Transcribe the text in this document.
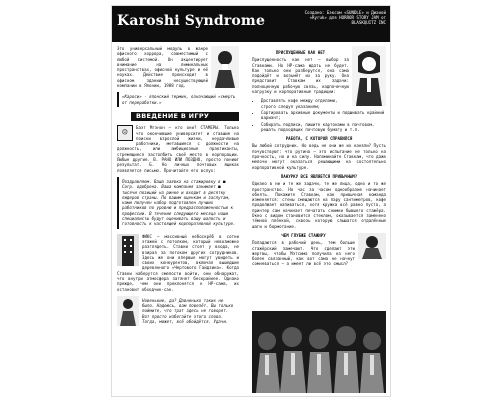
Karoshi Syndrome
Создано: Бэксом «SUNDLE» и Дианой «Ryruk» для HORROR STORY JAM от BLASKQUITZ INC

Это универсальный модуль в жанре офисного хоррора, совместимый с любой системой. Он акцентирует внимание на лиминальных пространствах, офисной культуре и её ноуках. Действие происходит в офисном здании несуществующей компании в Японии, 1988 год.

«Карoси» - японский термин, означающий «смерть от переработки.»
ВВЕДЕНИЕ В ИГРУ
☺

Баэт Mгэнон – кто они? СТАМЕРЫ. Только что окончившие университет и ставшие на поиски взрослой жизни, неудачливые работники, метавшиеся с должности на должность, или амбициозные практиканты, стремящиеся застолбить своё место в корпорации. Любые другие. В. РАНО ИЛИ ПОЗДНО, просто пониют результат. Б. Но личных почтовых ящиках появляется письмо. Прочитайте его вслух:

Поздравляем. Ваша заявка на стажировку в ■ Corp. одобрена. Ваша компания занимает ■ тысячи позиций на ринке и входит в десятку лидеров страны. По вашим оценкам и заслугам, нами получен набор подготовлен лучших работников по уровню и предрасположенностью к профессии. В течение следующего месяца наши специалисты будут оценивать вашу шалость и готовность к настоящей корпоративной культуре.

ФИКС – массивный небоскрёб в сотни этажей с потолком, который невозможно разглядеть. Ставки стоят у входа, не взирая за потоком других сотрудников. Здесь же они впервые могут увидеть и своих конкурентов, включая вышедшие деревянного «Чертового Гайдзина». Когда Ставки наберутся смелости войти, они обнаружат, что внутри атмосфера затянет бескрайнее. Однако прежде, чем они преклонятся к НР-сама, их остановит обходчик-сан.

Новенькие, да? Давненько таких не было. Надеюсь, вам повезёт. Вы только поймите, что трат здесь не говорят. Вот просто избегайте этого слова. Тогда, может, всё обойдётся. Удачи.
ПРИСПУЩЕННЫЕ КАК НЕТ

Приспущенность как нет — выбор за Ставками. Но НР-сама ждать не будет. Как только они разберутся, она сама подойдёт и возьмёт их за руку. Она представит Ставкам их задачи: полноценную рабочую связь, надпочечную нагрузку и корпоративные традиции:

• Доставлять кофе между отделами, строго следуя указаниям;
• Сортировать архивные документы и подшивать крайний вариант;
• Собирать подписи, пишите картонами в пачтовом, решать подходящих почтовую бумагу и т.п.
РАБОТА, С КОТОРОЙ СПРАВИЛСЯ

Вы любой сотрудник. Но ведь не они же их наняли? Пусть почувствуют: что рутина – это испытание не только на прочность, но и на силу. Напоминайте Ставкам, что даже мелочи могут оказаться решающими на состоятельно корпоративной культуре.

ПАНУРКУ ВСЕ ЯВЛЯЕТСЯ ПРИВЫЧНЫМ?

Однако в ни и те же задачи, те же лица, одно и то же пространство. Но час за часом однообразие начинает обнять. Покажите Ставкам, как привычная команда изменяется: стены смещаются на пару сантиметров, кофе продолжает напиваться, хотя кружка всё равно пуста, а принтер сам начинает печатать снимки бывшего стажёра. Окно с видом становится стеклом, оказывается заменено тёмной плёнкой, сквозь которую слышатся отдалённые шаги и бормотание.

ЧЕМ ГЛУБЖЕ СТАЖИРУ

Попадаются в рабочий день, тем больше стажёрский замечают. Что сделают эти жертвы, чтобы Мэтсима получила на него более связанный, как вот сама не начнут сомневаться – а имеет ли всё это смысл?
